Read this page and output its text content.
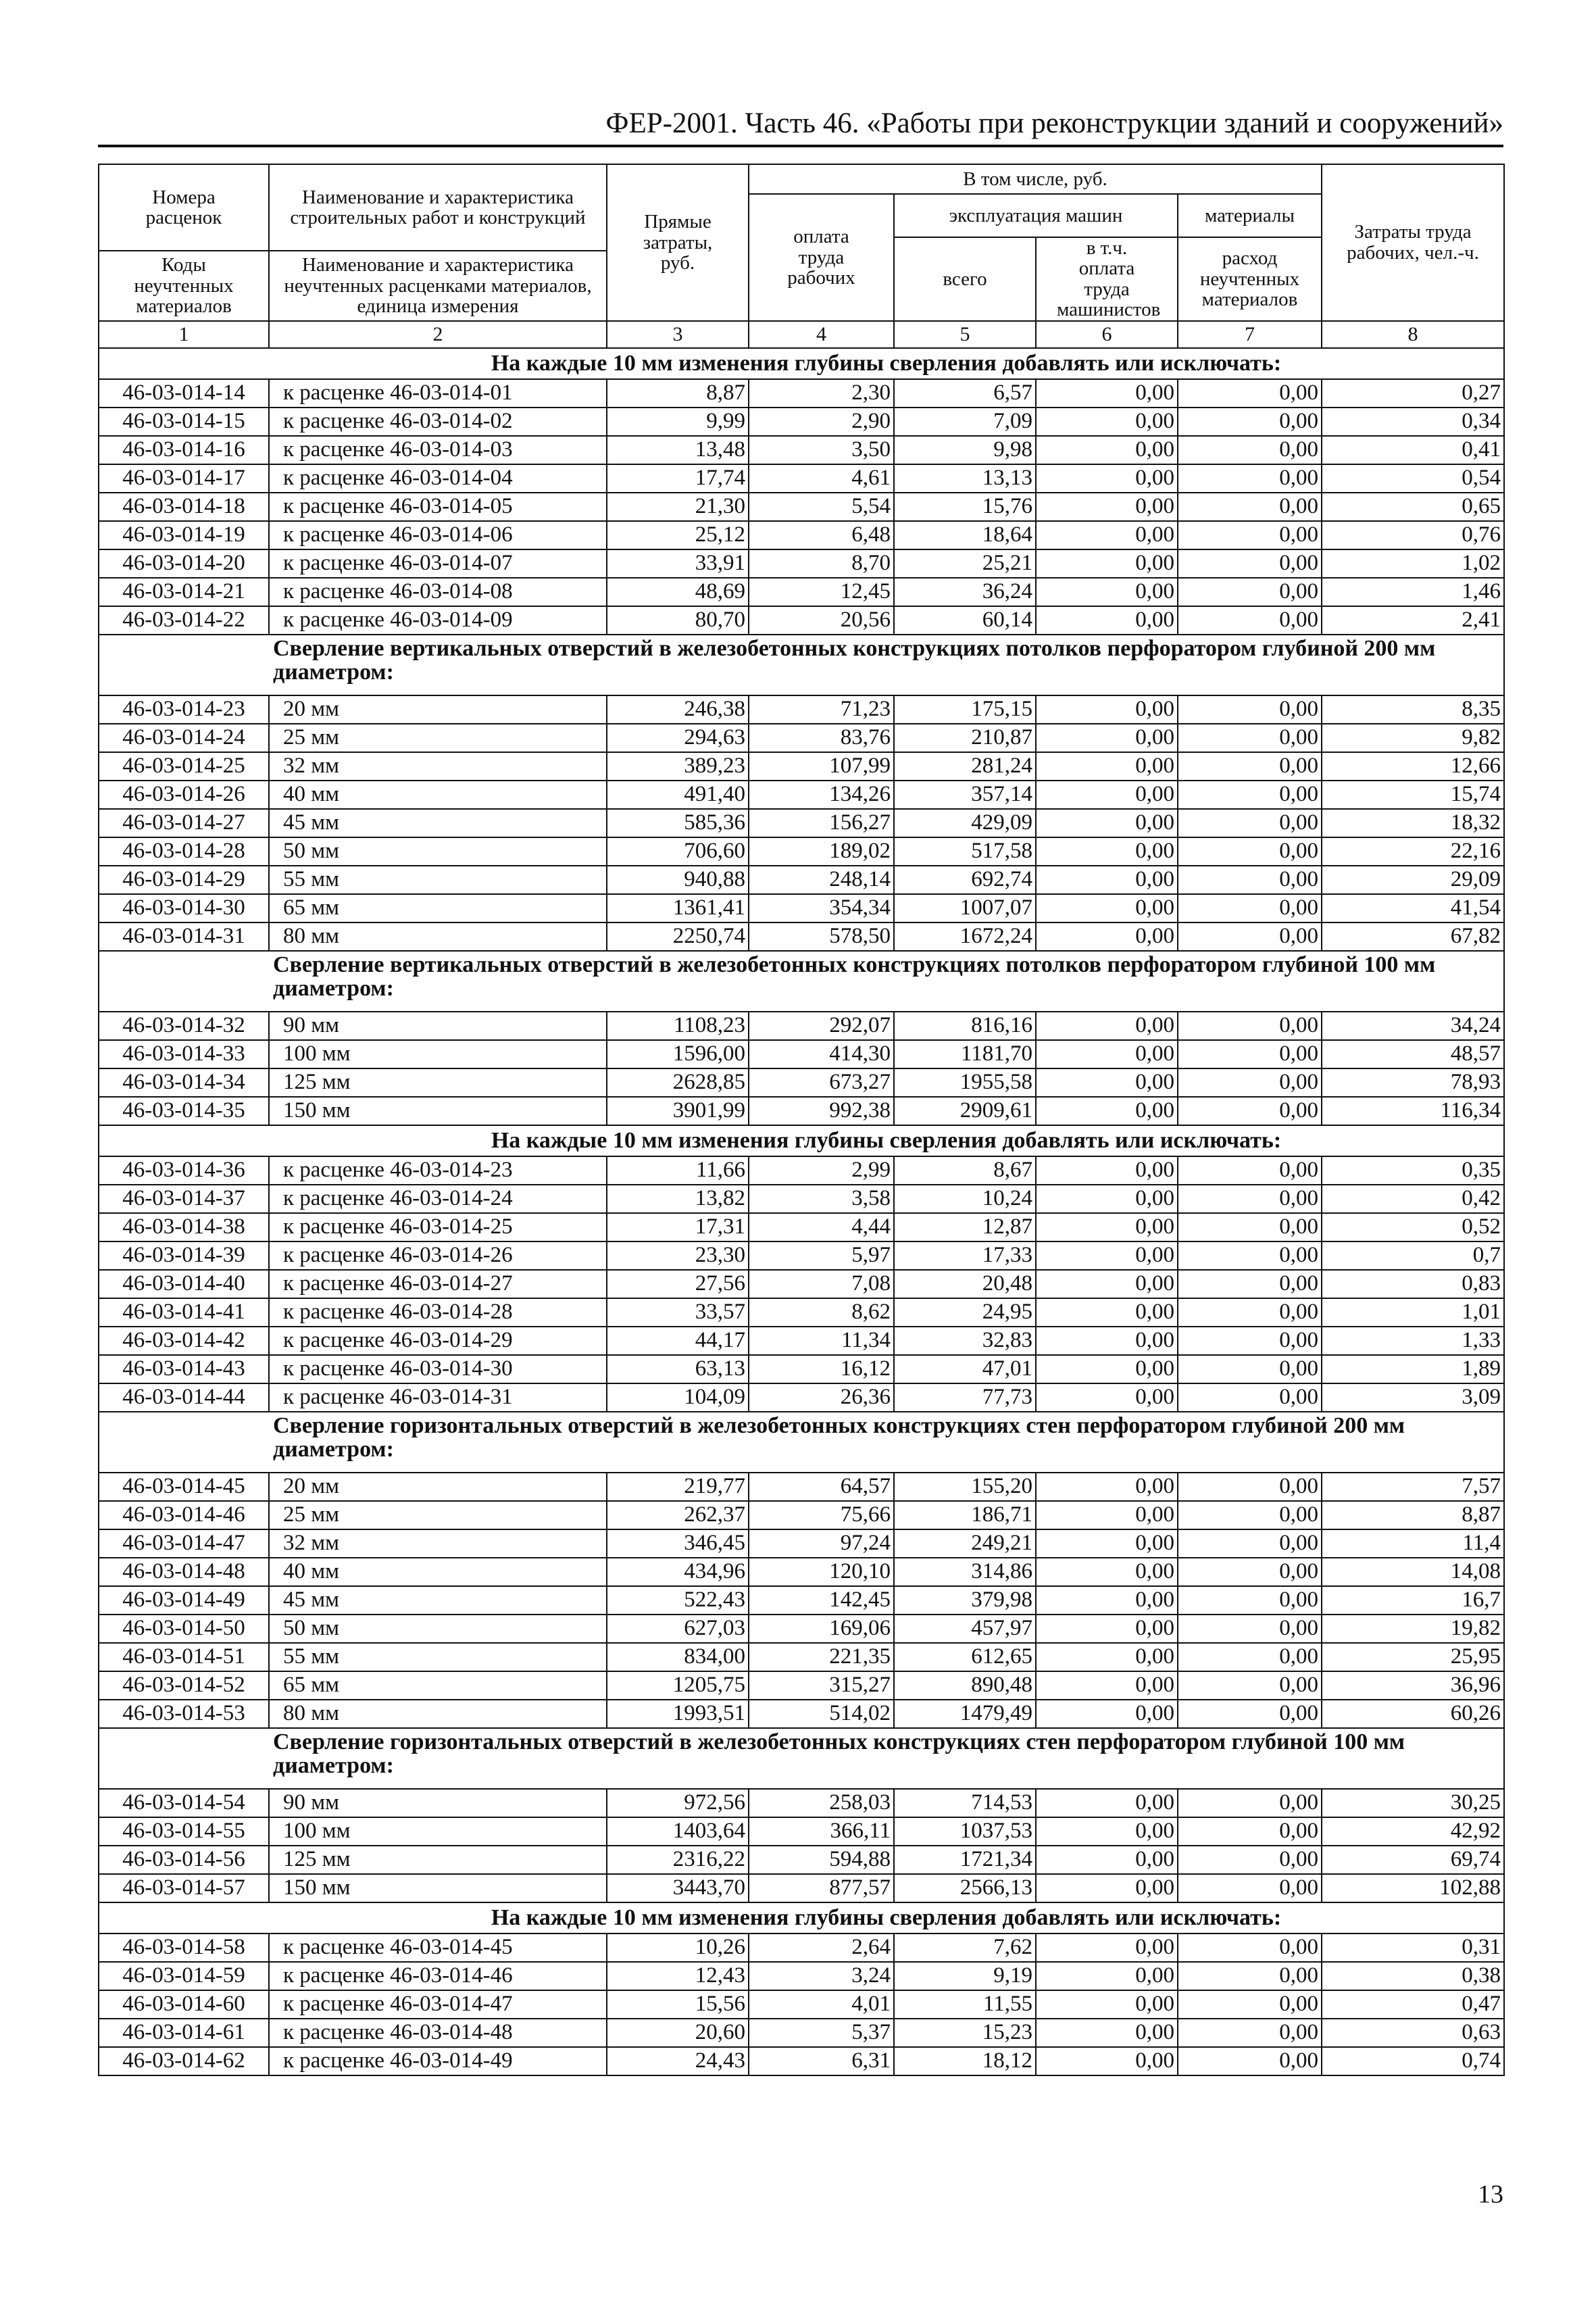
ФЕР-2001. Часть 46. «Работы при реконструкции зданий и сооружений»
Номера расценок	Наименование и характеристика строительных работ и конструкций	Прямые затраты, руб.	В том числе, руб.				Затраты труда рабочих, чел.-ч.

			оплата труда рабочих	эксплуатация машин		материалы	
				всего	в т.ч. оплата труда машинистов	расход неучтенных материалов	
Коды неучтенных материалов	Наименование и характеристика неучтенных расценками материалов, единица измерения						

1	2	3	4	5	6	7	8
	На каждые 10 мм изменения глубины сверления добавлять или исключать:						
46-03-014-14	к расценке 46-03-014-01	8,87	2,30	6,57	0,00	0,00	0,27
46-03-014-15	к расценке 46-03-014-02	9,99	2,90	7,09	0,00	0,00	0,34
46-03-014-16	к расценке 46-03-014-03	13,48	3,50	9,98	0,00	0,00	0,41
46-03-014-17	к расценке 46-03-014-04	17,74	4,61	13,13	0,00	0,00	0,54
46-03-014-18	к расценке 46-03-014-05	21,30	5,54	15,76	0,00	0,00	0,65
46-03-014-19	к расценке 46-03-014-06	25,12	6,48	18,64	0,00	0,00	0,76
46-03-014-20	к расценке 46-03-014-07	33,91	8,70	25,21	0,00	0,00	1,02
46-03-014-21	к расценке 46-03-014-08	48,69	12,45	36,24	0,00	0,00	1,46
46-03-014-22	к расценке 46-03-014-09	80,70	20,56	60,14	0,00	0,00	2,41
	Сверление вертикальных отверстий в железобетонных конструкциях потолков перфоратором глубиной 200 мм диаметром:						
46-03-014-23	20 мм	246,38	71,23	175,15	0,00	0,00	8,35
46-03-014-24	25 мм	294,63	83,76	210,87	0,00	0,00	9,82
46-03-014-25	32 мм	389,23	107,99	281,24	0,00	0,00	12,66
46-03-014-26	40 мм	491,40	134,26	357,14	0,00	0,00	15,74
46-03-014-27	45 мм	585,36	156,27	429,09	0,00	0,00	18,32
46-03-014-28	50 мм	706,60	189,02	517,58	0,00	0,00	22,16
46-03-014-29	55 мм	940,88	248,14	692,74	0,00	0,00	29,09
46-03-014-30	65 мм	1361,41	354,34	1007,07	0,00	0,00	41,54
46-03-014-31	80 мм	2250,74	578,50	1672,24	0,00	0,00	67,82
	Сверление вертикальных отверстий в железобетонных конструкциях потолков перфоратором глубиной 100 мм диаметром:						
46-03-014-32	90 мм	1108,23	292,07	816,16	0,00	0,00	34,24
46-03-014-33	100 мм	1596,00	414,30	1181,70	0,00	0,00	48,57
46-03-014-34	125 мм	2628,85	673,27	1955,58	0,00	0,00	78,93
46-03-014-35	150 мм	3901,99	992,38	2909,61	0,00	0,00	116,34
	На каждые 10 мм изменения глубины сверления добавлять или исключать:						
46-03-014-36	к расценке 46-03-014-23	11,66	2,99	8,67	0,00	0,00	0,35
46-03-014-37	к расценке 46-03-014-24	13,82	3,58	10,24	0,00	0,00	0,42
46-03-014-38	к расценке 46-03-014-25	17,31	4,44	12,87	0,00	0,00	0,52
46-03-014-39	к расценке 46-03-014-26	23,30	5,97	17,33	0,00	0,00	0,7
46-03-014-40	к расценке 46-03-014-27	27,56	7,08	20,48	0,00	0,00	0,83
46-03-014-41	к расценке 46-03-014-28	33,57	8,62	24,95	0,00	0,00	1,01
46-03-014-42	к расценке 46-03-014-29	44,17	11,34	32,83	0,00	0,00	1,33
46-03-014-43	к расценке 46-03-014-30	63,13	16,12	47,01	0,00	0,00	1,89
46-03-014-44	к расценке 46-03-014-31	104,09	26,36	77,73	0,00	0,00	3,09
	Сверление горизонтальных отверстий в железобетонных конструкциях стен перфоратором глубиной 200 мм диаметром:						
46-03-014-45	20 мм	219,77	64,57	155,20	0,00	0,00	7,57
46-03-014-46	25 мм	262,37	75,66	186,71	0,00	0,00	8,87
46-03-014-47	32 мм	346,45	97,24	249,21	0,00	0,00	11,4
46-03-014-48	40 мм	434,96	120,10	314,86	0,00	0,00	14,08
46-03-014-49	45 мм	522,43	142,45	379,98	0,00	0,00	16,7
46-03-014-50	50 мм	627,03	169,06	457,97	0,00	0,00	19,82
46-03-014-51	55 мм	834,00	221,35	612,65	0,00	0,00	25,95
46-03-014-52	65 мм	1205,75	315,27	890,48	0,00	0,00	36,96
46-03-014-53	80 мм	1993,51	514,02	1479,49	0,00	0,00	60,26
	Сверление горизонтальных отверстий в железобетонных конструкциях стен перфоратором глубиной 100 мм диаметром:						
46-03-014-54	90 мм	972,56	258,03	714,53	0,00	0,00	30,25
46-03-014-55	100 мм	1403,64	366,11	1037,53	0,00	0,00	42,92
46-03-014-56	125 мм	2316,22	594,88	1721,34	0,00	0,00	69,74
46-03-014-57	150 мм	3443,70	877,57	2566,13	0,00	0,00	102,88
	На каждые 10 мм изменения глубины сверления добавлять или исключать:						
46-03-014-58	к расценке 46-03-014-45	10,26	2,64	7,62	0,00	0,00	0,31
46-03-014-59	к расценке 46-03-014-46	12,43	3,24	9,19	0,00	0,00	0,38
46-03-014-60	к расценке 46-03-014-47	15,56	4,01	11,55	0,00	0,00	0,47
46-03-014-61	к расценке 46-03-014-48	20,60	5,37	15,23	0,00	0,00	0,63
46-03-014-62	к расценке 46-03-014-49	24,43	6,31	18,12	0,00	0,00	0,74
13
